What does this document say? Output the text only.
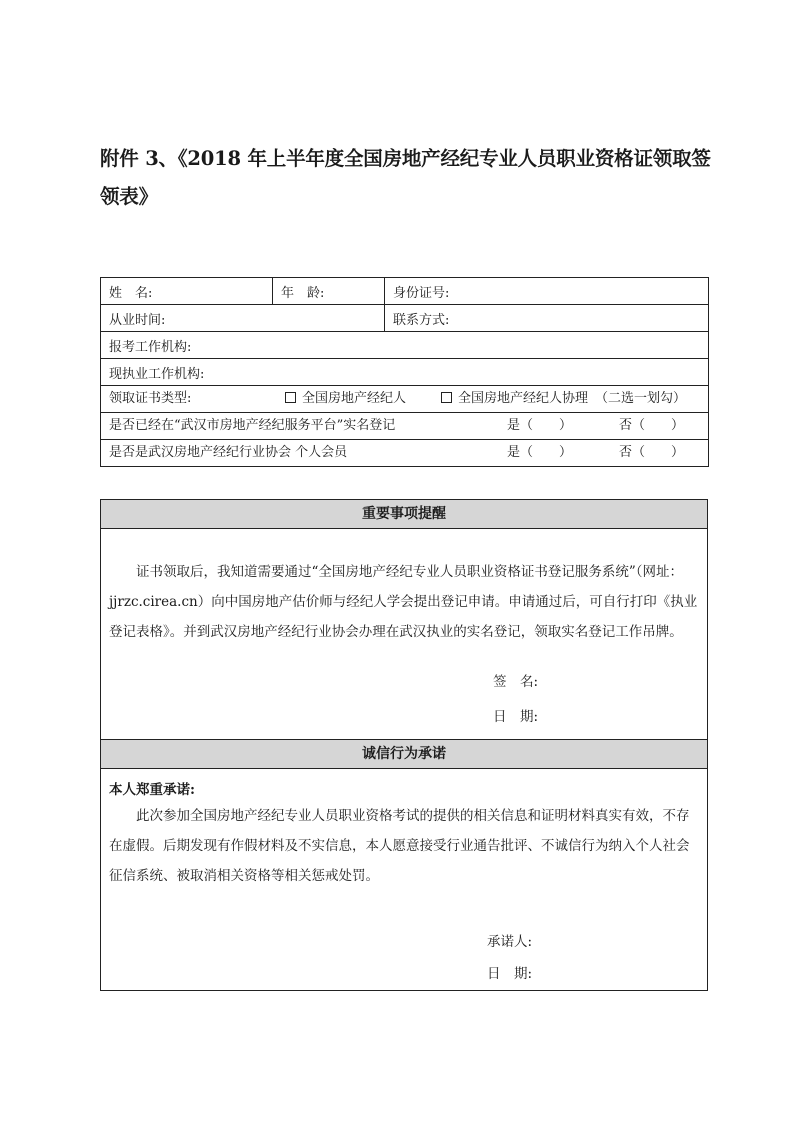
附件 3、《2018 年上半年度全国房地产经纪专业人员职业资格证领取签领表》
姓　名:	年　龄:	身份证号:
从业时间:		联系方式:
报考工作机构:		
现执业工作机构:		

领取证书类型: 全国房地产经纪人 全国房地产经纪人协理 （二选一划勾）		

是否已经在“武汉市房地产经纪服务平台”实名登记 是（　　） 否（　　）		

是否是武汉房地产经纪行业协会 个人会员 是（　　） 否（　　）		
重要事项提醒
证书领取后，我知道需要通过“全国房地产经纪专业人员职业资格证书登记服务系统”（网址：jjrzc.cirea.cn）向中国房地产估价师与经纪人学会提出登记申请。申请通过后，可自行打印《执业登记表格》。并到武汉房地产经纪行业协会办理在武汉执业的实名登记，领取实名登记工作吊牌。
签　名:
日　期:
诚信行为承诺
本人郑重承诺:
此次参加全国房地产经纪专业人员职业资格考试的提供的相关信息和证明材料真实有效，不存在虚假。后期发现有作假材料及不实信息，本人愿意接受行业通告批评、不诚信行为纳入个人社会征信系统、被取消相关资格等相关惩戒处罚。
承诺人:
日　期:
